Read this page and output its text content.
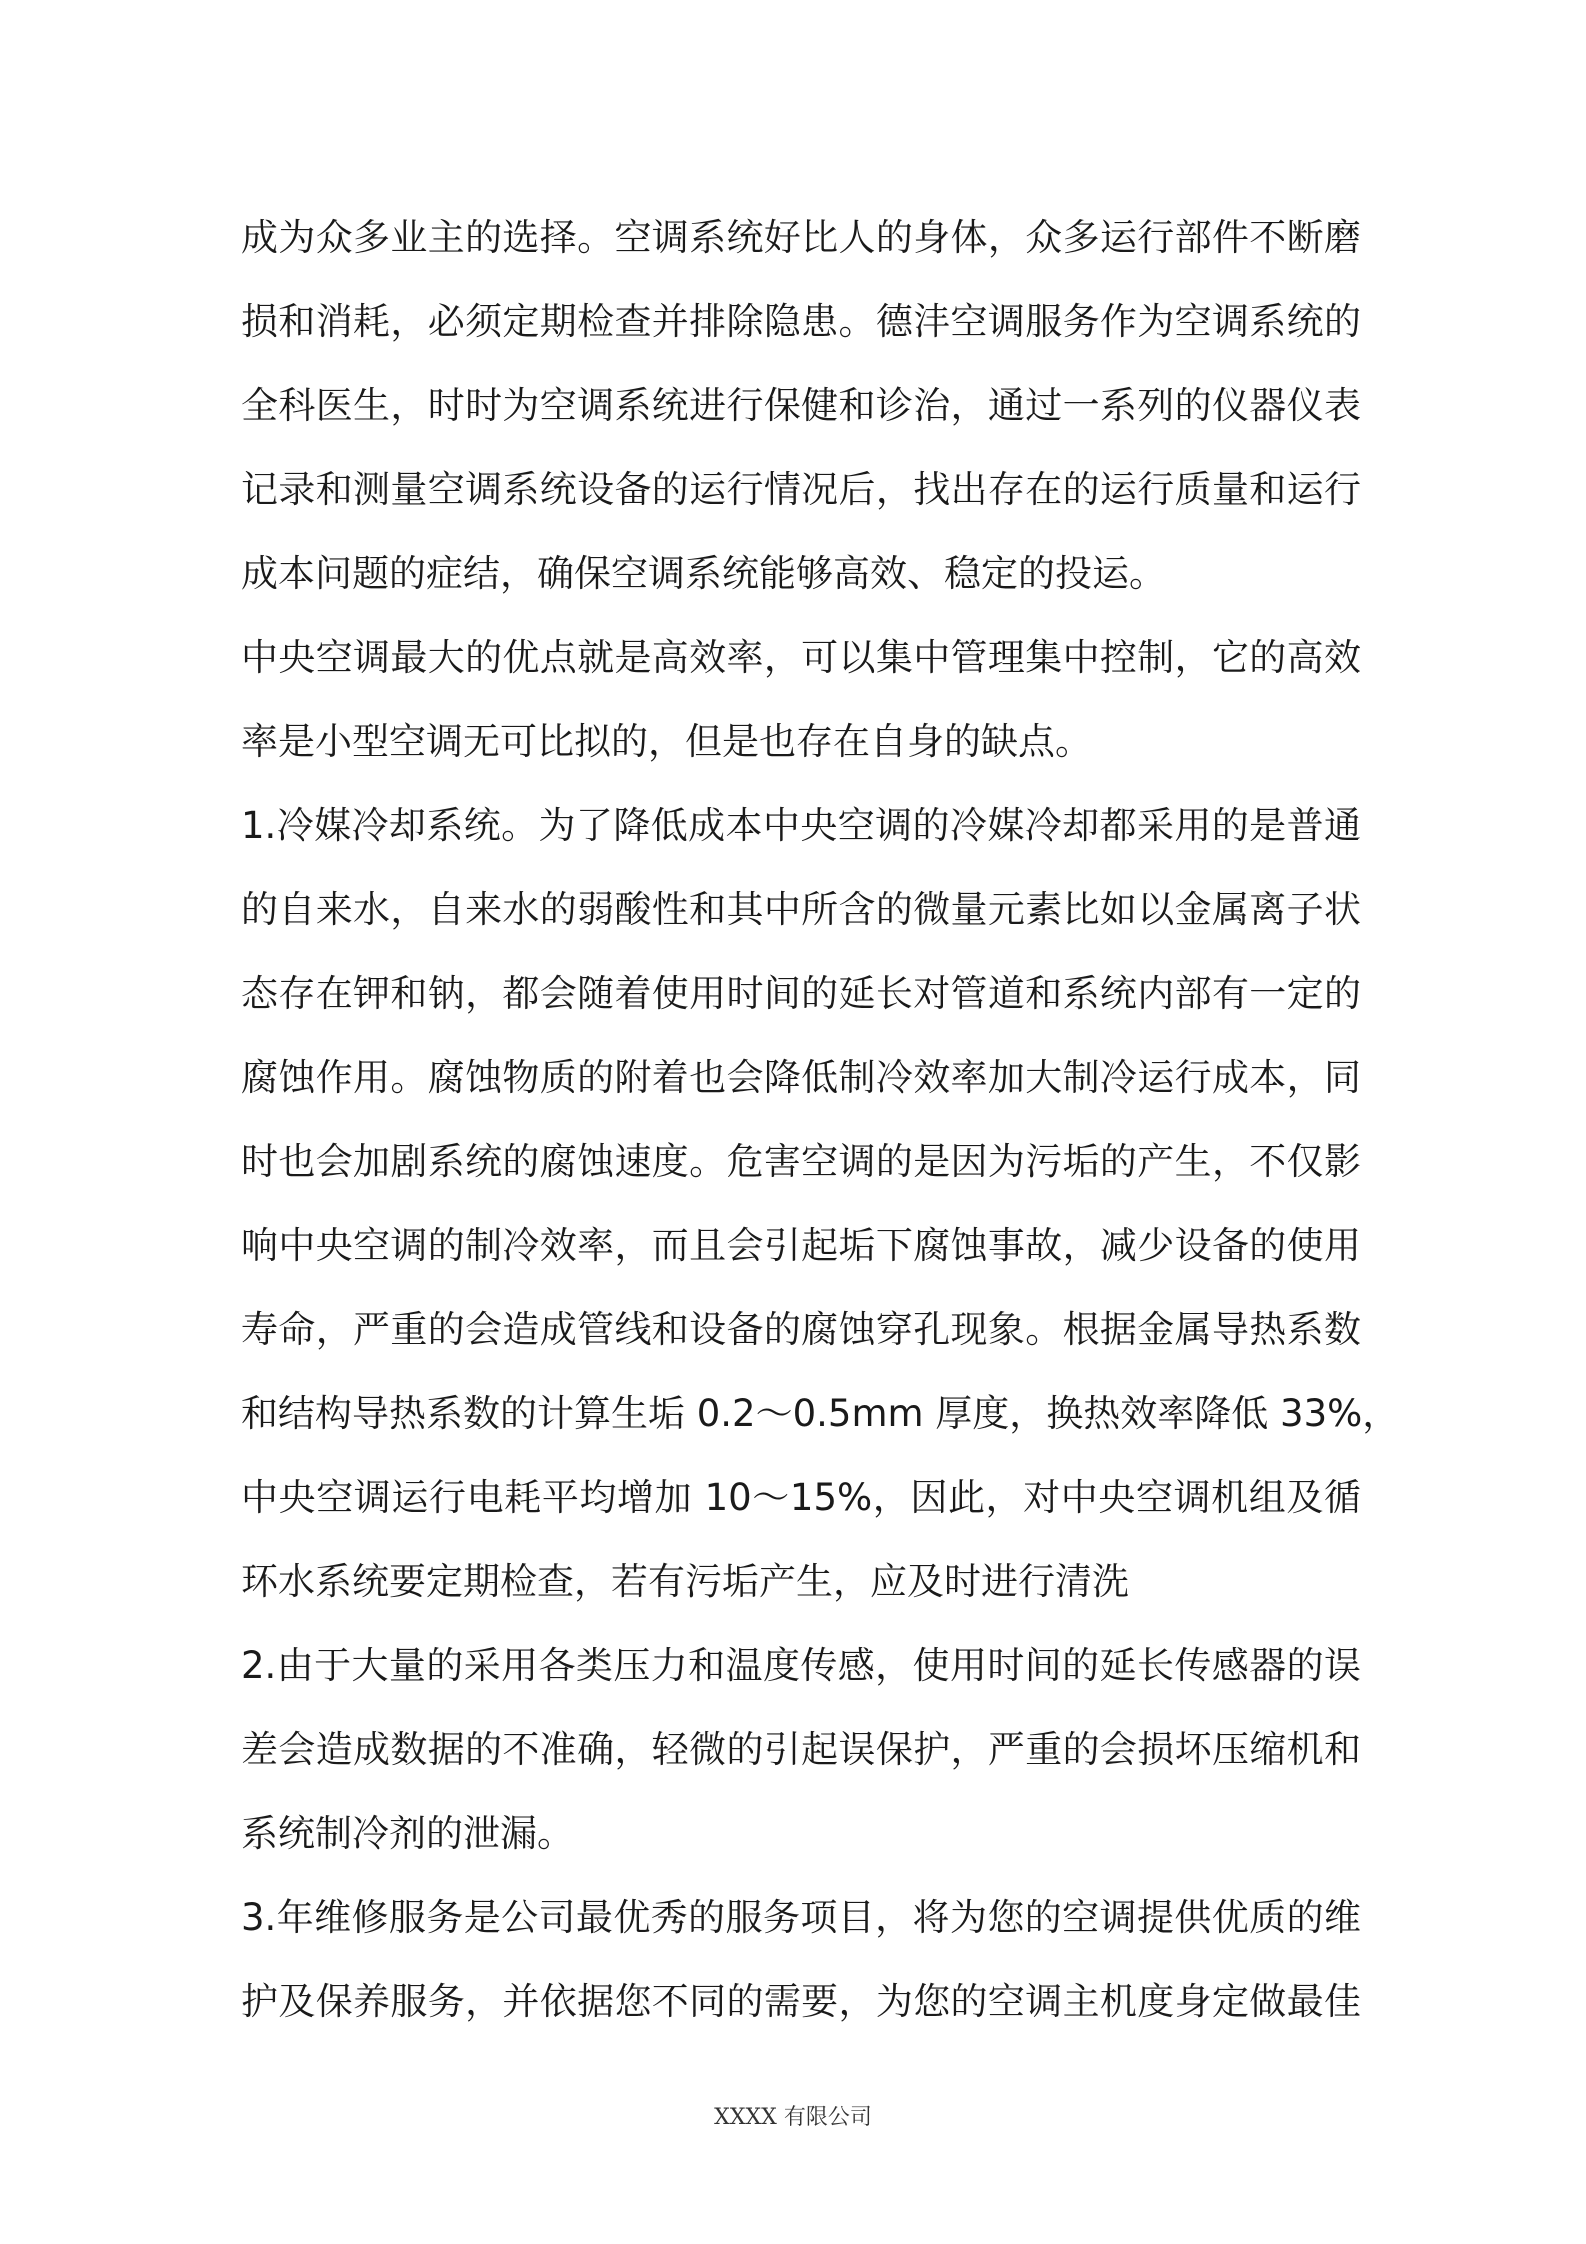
成为众多业主的选择。空调系统好比人的身体，众多运行部件不断磨
损和消耗，必须定期检查并排除隐患。德沣空调服务作为空调系统的
全科医生，时时为空调系统进行保健和诊治，通过一系列的仪器仪表
记录和测量空调系统设备的运行情况后，找出存在的运行质量和运行
成本问题的症结，确保空调系统能够高效、稳定的投运。
中央空调最大的优点就是高效率，可以集中管理集中控制，它的高效
率是小型空调无可比拟的，但是也存在自身的缺点。
1.冷媒冷却系统。为了降低成本中央空调的冷媒冷却都采用的是普通
的自来水，自来水的弱酸性和其中所含的微量元素比如以金属离子状
态存在钾和钠，都会随着使用时间的延长对管道和系统内部有一定的
腐蚀作用。腐蚀物质的附着也会降低制冷效率加大制冷运行成本，同
时也会加剧系统的腐蚀速度。危害空调的是因为污垢的产生，不仅影
响中央空调的制冷效率，而且会引起垢下腐蚀事故，减少设备的使用
寿命，严重的会造成管线和设备的腐蚀穿孔现象。根据金属导热系数
和结构导热系数的计算生垢 0.2～0.5mm 厚度，换热效率降低 33%，
中央空调运行电耗平均增加 10～15%，因此，对中央空调机组及循
环水系统要定期检查，若有污垢产生，应及时进行清洗
2.由于大量的采用各类压力和温度传感，使用时间的延长传感器的误
差会造成数据的不准确，轻微的引起误保护，严重的会损坏压缩机和
系统制冷剂的泄漏。
3.年维修服务是公司最优秀的服务项目，将为您的空调提供优质的维
护及保养服务，并依据您不同的需要，为您的空调主机度身定做最佳
XXXX 有限公司
